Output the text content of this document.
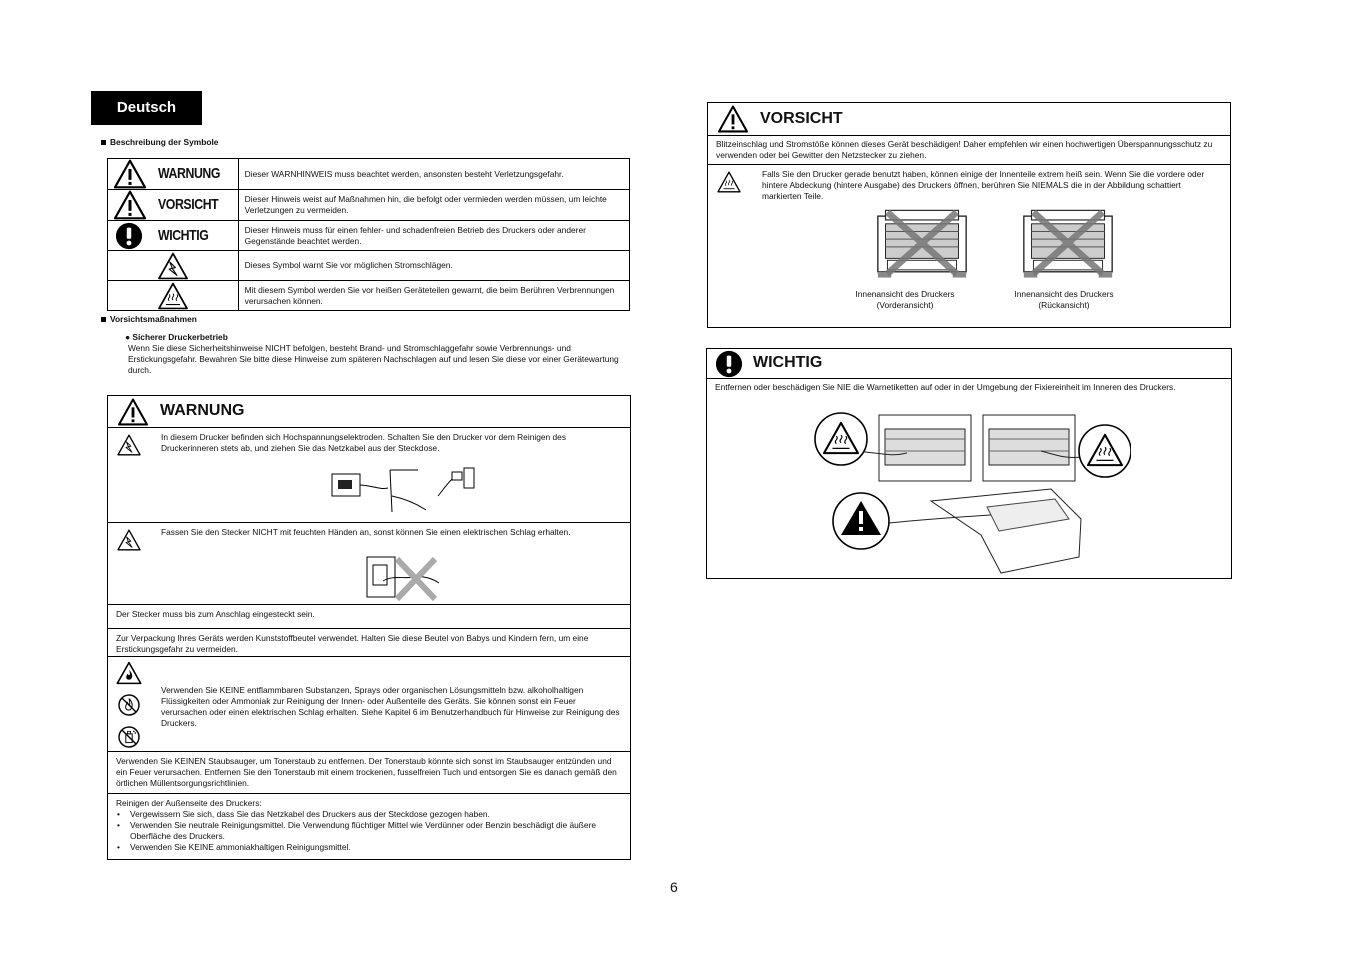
Deutsch
Beschreibung der Symbole
WARNUNG	Dieser WARNHINWEIS muss beachtet werden, ansonsten besteht Verletzungsgefahr.

VORSICHT	Dieser Hinweis weist auf Maßnahmen hin, die befolgt oder vermieden werden müssen, um leichte Verletzungen zu vermeiden.

WICHTIG	Dieser Hinweis muss für einen fehler- und schadenfreien Betrieb des Druckers oder anderer Gegenstände beachtet werden.

	Dieses Symbol warnt Sie vor möglichen Stromschlägen.

	Mit diesem Symbol werden Sie vor heißen Geräteteilen gewarnt, die beim Berühren Verbrennungen verursachen können.
Vorsichtsmaßnahmen
● Sicherer Druckerbetrieb
Wenn Sie diese Sicherheitshinweise NICHT befolgen, besteht Brand- und Stromschlaggefahr sowie Verbrennungs- und Erstickungsgefahr. Bewahren Sie bitte diese Hinweise zum späteren Nachschlagen auf und lesen Sie diese vor einer Gerätewartung durch.
WARNUNG
In diesem Drucker befinden sich Hochspannungselektroden. Schalten Sie den Drucker vor dem Reinigen des Druckerinneren stets ab, und ziehen Sie das Netzkabel aus der Steckdose.
Fassen Sie den Stecker NICHT mit feuchten Händen an, sonst können Sie einen elektrischen Schlag erhalten.
Der Stecker muss bis zum Anschlag eingesteckt sein.
Zur Verpackung Ihres Geräts werden Kunststoffbeutel verwendet. Halten Sie diese Beutel von Babys und Kindern fern, um eine Erstickungsgefahr zu vermeiden.
Verwenden Sie KEINE entflammbaren Substanzen, Sprays oder organischen Lösungsmitteln bzw. alkoholhaltigen Flüssigkeiten oder Ammoniak zur Reinigung der Innen- oder Außenteile des Geräts. Sie können sonst ein Feuer verursachen oder einen elektrischen Schlag erhalten. Siehe Kapitel 6 im Benutzerhandbuch für Hinweise zur Reinigung des Druckers.
Verwenden Sie KEINEN Staubsauger, um Tonerstaub zu entfernen. Der Tonerstaub könnte sich sonst im Staubsauger entzünden und ein Feuer verursachen. Entfernen Sie den Tonerstaub mit einem trockenen, fusselfreien Tuch und entsorgen Sie es danach gemäß den örtlichen Müllentsorgungsrichtlinien.
Reinigen der Außenseite des Druckers:
• Vergewissern Sie sich, dass Sie das Netzkabel des Druckers aus der Steckdose gezogen haben.
• Verwenden Sie neutrale Reinigungsmittel. Die Verwendung flüchtiger Mittel wie Verdünner oder Benzin beschädigt die äußere Oberfläche des Druckers.
• Verwenden Sie KEINE ammoniakhaltigen Reinigungsmittel.
6
VORSICHT
Blitzeinschlag und Stromstöße können dieses Gerät beschädigen! Daher empfehlen wir einen hochwertigen Überspannungsschutz zu verwenden oder bei Gewitter den Netzstecker zu ziehen.
Falls Sie den Drucker gerade benutzt haben, können einige der Innenteile extrem heiß sein. Wenn Sie die vordere oder hintere Abdeckung (hintere Ausgabe) des Druckers öffnen, berühren Sie NIEMALS die in der Abbildung schattiert markierten Teile.
Innenansicht des Druckers
(Vorderansicht)
Innenansicht des Druckers
(Rückansicht)
WICHTIG
Entfernen oder beschädigen Sie NIE die Warnetiketten auf oder in der Umgebung der Fixiereinheit im Inneren des Druckers.
